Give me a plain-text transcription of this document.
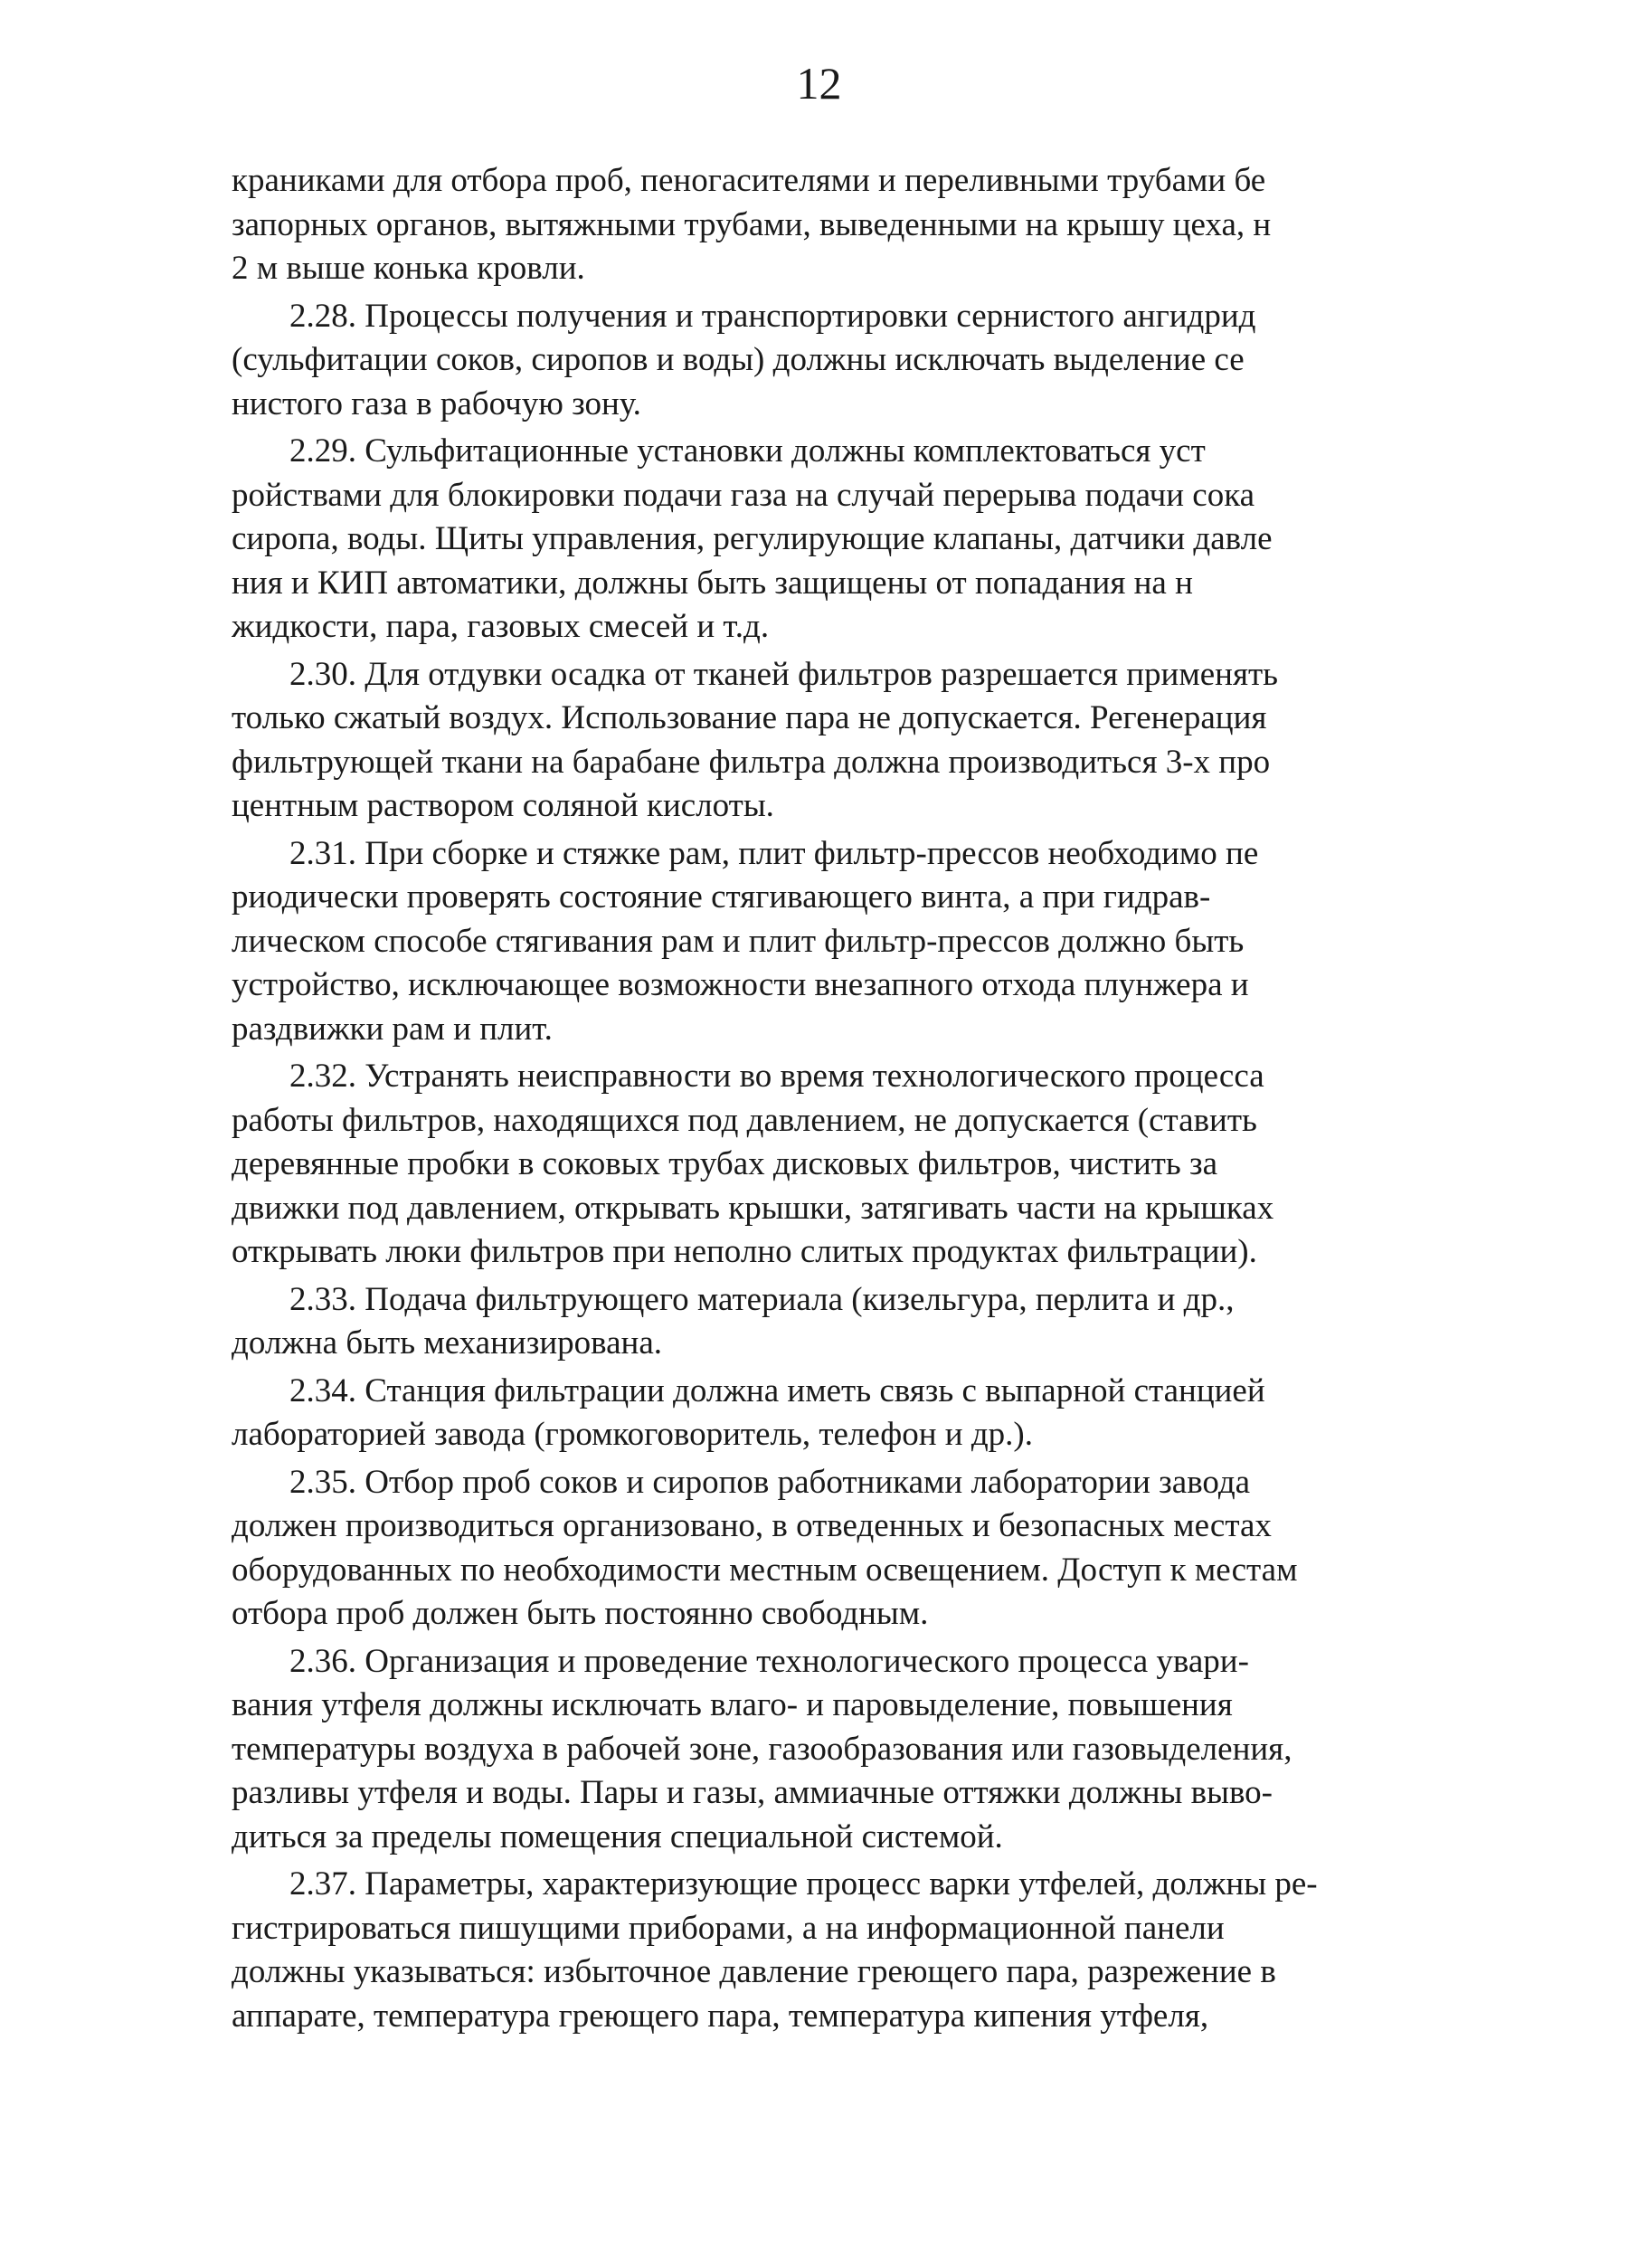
12
краниками для отбора проб, пеногасителями и переливными трубами бе
запорных органов, вытяжными трубами, выведенными на крышу цеха, н
2 м выше конька кровли.
2.28. Процессы получения и транспортировки сернистого ангидрид
(сульфитации соков, сиропов и воды) должны исключать выделение се
нистого газа в рабочую зону.
2.29. Сульфитационные установки должны комплектоваться уст
ройствами для блокировки подачи газа на случай перерыва подачи сока
сиропа, воды. Щиты управления, регулирующие клапаны, датчики давле
ния и КИП автоматики, должны быть защищены от попадания на н
жидкости, пара, газовых смесей и т.д.
2.30. Для отдувки осадка от тканей фильтров разрешается применять
только сжатый воздух. Использование пара не допускается. Регенерация
фильтрующей ткани на барабане фильтра должна производиться 3-х про
центным раствором соляной кислоты.
2.31. При сборке и стяжке рам, плит фильтр-прессов необходимо пе
риодически проверять состояние стягивающего винта, а при гидрав-
лическом способе стягивания рам и плит фильтр-прессов должно быть
устройство, исключающее возможности внезапного отхода плунжера и
раздвижки рам и плит.
2.32. Устранять неисправности во время технологического процесса
работы фильтров, находящихся под давлением, не допускается (ставить
деревянные пробки в соковых трубах дисковых фильтров, чистить за
движки под давлением, открывать крышки, затягивать части на крышках
открывать люки фильтров при неполно слитых продуктах фильтрации).
2.33. Подача фильтрующего материала (кизельгура, перлита и др.,
должна быть механизирована.
2.34. Станция фильтрации должна иметь связь с выпарной станцией
лабораторией завода (громкоговоритель, телефон и др.).
2.35. Отбор проб соков и сиропов работниками лаборатории завода
должен производиться организовано, в отведенных и безопасных местах
оборудованных по необходимости местным освещением. Доступ к местам
отбора проб должен быть постоянно свободным.
2.36. Организация и проведение технологического процесса увари-
вания утфеля должны исключать влаго- и паровыделение, повышения
температуры воздуха в рабочей зоне, газообразования или газовыделения,
разливы утфеля и воды. Пары и газы, аммиачные оттяжки должны выво-
диться за пределы помещения специальной системой.
2.37. Параметры, характеризующие процесс варки утфелей, должны ре-
гистрироваться пишущими приборами, а на информационной панели
должны указываться: избыточное давление греющего пара, разрежение в
аппарате, температура греющего пара, температура кипения утфеля,
